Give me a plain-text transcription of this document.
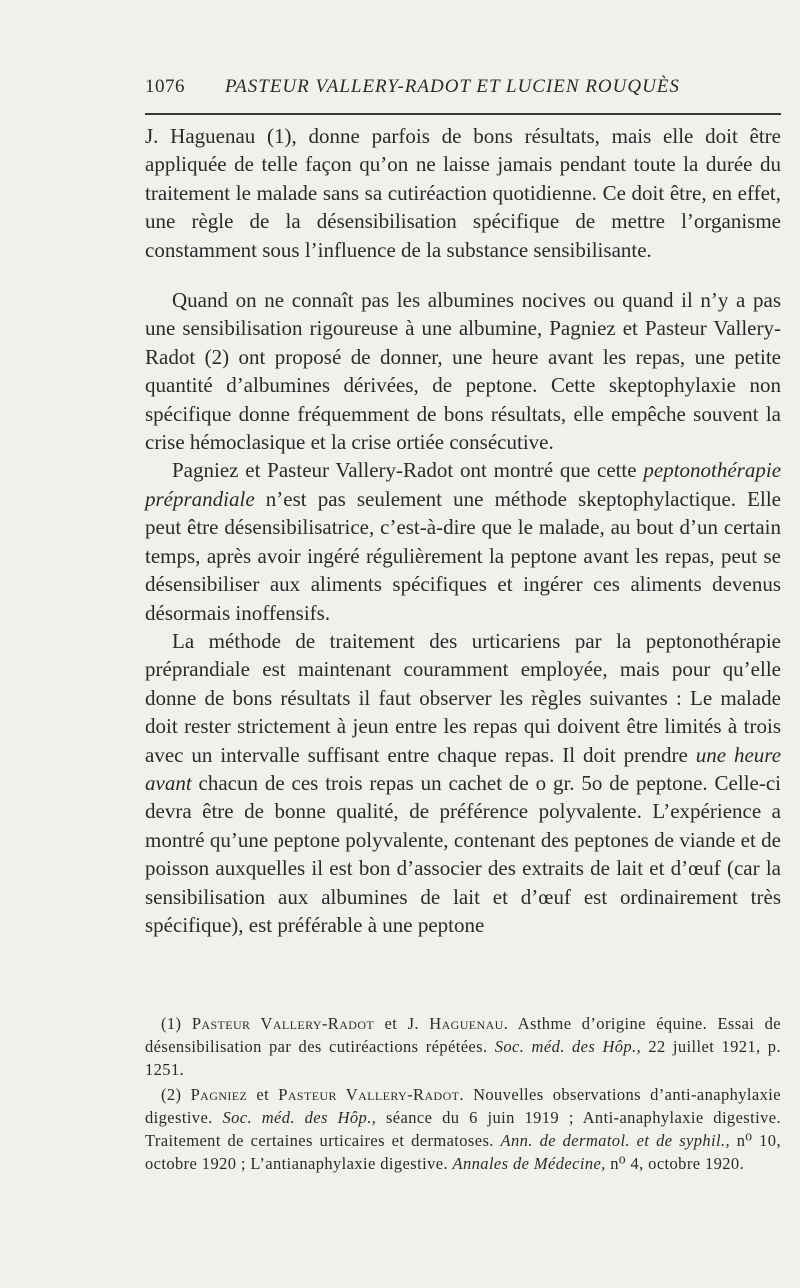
1076 PASTEUR VALLERY-RADOT ET LUCIEN ROUQUÈS

J. Haguenau (1), donne parfois de bons résultats, mais elle doit être appliquée de telle façon qu’on ne laisse jamais pendant toute la durée du traitement le malade sans sa cutiréaction quotidienne. Ce doit être, en effet, une règle de la désensibilisation spécifique de mettre l’organisme constamment sous l’influence de la substance sensibilisante.

Quand on ne connaît pas les albumines nocives ou quand il n’y a pas une sensibilisation rigoureuse à une albumine, Pagniez et Pasteur Vallery-Radot (2) ont proposé de donner, une heure avant les repas, une petite quantité d’albumines dérivées, de peptone. Cette skeptophylaxie non spécifique donne fréquemment de bons résultats, elle empêche souvent la crise hémoclasique et la crise ortiée consécutive.

Pagniez et Pasteur Vallery-Radot ont montré que cette peptonothérapie préprandiale n’est pas seulement une méthode skeptophylactique. Elle peut être désensibilisatrice, c’est-à-dire que le malade, au bout d’un certain temps, après avoir ingéré régulièrement la peptone avant les repas, peut se désensibiliser aux aliments spécifiques et ingérer ces aliments devenus désormais inoffensifs.

La méthode de traitement des urticariens par la peptonothérapie préprandiale est maintenant couramment employée, mais pour qu’elle donne de bons résultats il faut observer les règles suivantes : Le malade doit rester strictement à jeun entre les repas qui doivent être limités à trois avec un intervalle suffisant entre chaque repas. Il doit prendre une heure avant chacun de ces trois repas un cachet de o gr. 5o de peptone. Celle-ci devra être de bonne qualité, de préférence polyvalente. L’expérience a montré qu’une peptone polyvalente, contenant des peptones de viande et de poisson auxquelles il est bon d’associer des extraits de lait et d’œuf (car la sensibilisation aux albumines de lait et d’œuf est ordinairement très spécifique), est préférable à une peptone

(1) Pasteur Vallery-Radot et J. Haguenau. Asthme d’origine équine. Essai de désensibilisation par des cutiréactions répétées. Soc. méd. des Hôp., 22 juillet 1921, p. 1251.

(2) Pagniez et Pasteur Vallery-Radot. Nouvelles observations d’anti-anaphylaxie digestive. Soc. méd. des Hôp., séance du 6 juin 1919 ; Anti-anaphylaxie digestive. Traitement de certaines urticaires et dermatoses. Ann. de dermatol. et de syphil., n⁰ 10, octobre 1920 ; L’antianaphylaxie digestive. Annales de Médecine, n⁰ 4, octobre 1920.
